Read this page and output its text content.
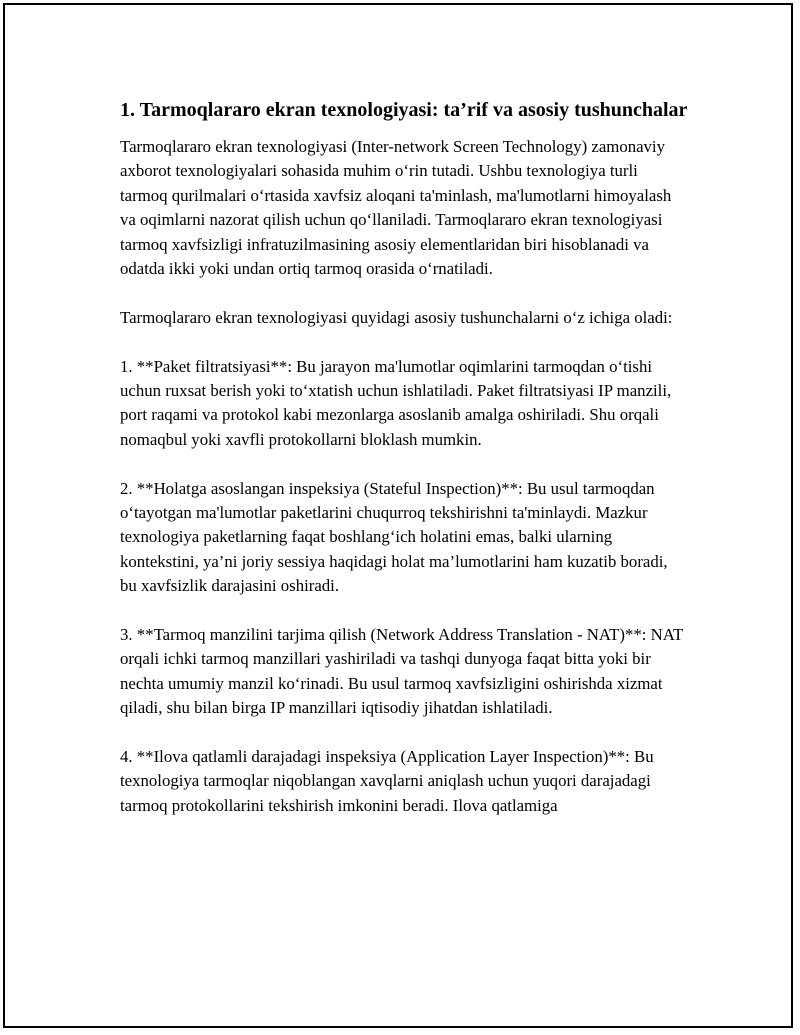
1. Tarmoqlararo ekran texnologiyasi: ta’rif va asosiy tushunchalar

Tarmoqlararo ekran texnologiyasi (Inter-network Screen Technology) zamonaviy axborot texnologiyalari sohasida muhim o‘rin tutadi. Ushbu texnologiya turli tarmoq qurilmalari o‘rtasida xavfsiz aloqani ta'minlash, ma'lumotlarni himoyalash va oqimlarni nazorat qilish uchun qo‘llaniladi. Tarmoqlararo ekran texnologiyasi tarmoq xavfsizligi infratuzilmasining asosiy elementlaridan biri hisoblanadi va odatda ikki yoki undan ortiq tarmoq orasida o‘rnatiladi.

Tarmoqlararo ekran texnologiyasi quyidagi asosiy tushunchalarni o‘z ichiga oladi:

1. **Paket filtratsiyasi**: Bu jarayon ma'lumotlar oqimlarini tarmoqdan o‘tishi uchun ruxsat berish yoki to‘xtatish uchun ishlatiladi. Paket filtratsiyasi IP manzili, port raqami va protokol kabi mezonlarga asoslanib amalga oshiriladi. Shu orqali nomaqbul yoki xavfli protokollarni bloklash mumkin.

2. **Holatga asoslangan inspeksiya (Stateful Inspection)**: Bu usul tarmoqdan o‘tayotgan ma'lumotlar paketlarini chuqurroq tekshirishni ta'minlaydi. Mazkur texnologiya paketlarning faqat boshlang‘ich holatini emas, balki ularning kontekstini, ya’ni joriy sessiya haqidagi holat ma’lumotlarini ham kuzatib boradi, bu xavfsizlik darajasini oshiradi.

3. **Tarmoq manzilini tarjima qilish (Network Address Translation - NAT)**: NAT orqali ichki tarmoq manzillari yashiriladi va tashqi dunyoga faqat bitta yoki bir nechta umumiy manzil ko‘rinadi. Bu usul tarmoq xavfsizligini oshirishda xizmat qiladi, shu bilan birga IP manzillari iqtisodiy jihatdan ishlatiladi.

4. **Ilova qatlamli darajadagi inspeksiya (Application Layer Inspection)**: Bu texnologiya tarmoqlar niqoblangan xavqlarni aniqlash uchun yuqori darajadagi tarmoq protokollarini tekshirish imkonini beradi. Ilova qatlamiga
